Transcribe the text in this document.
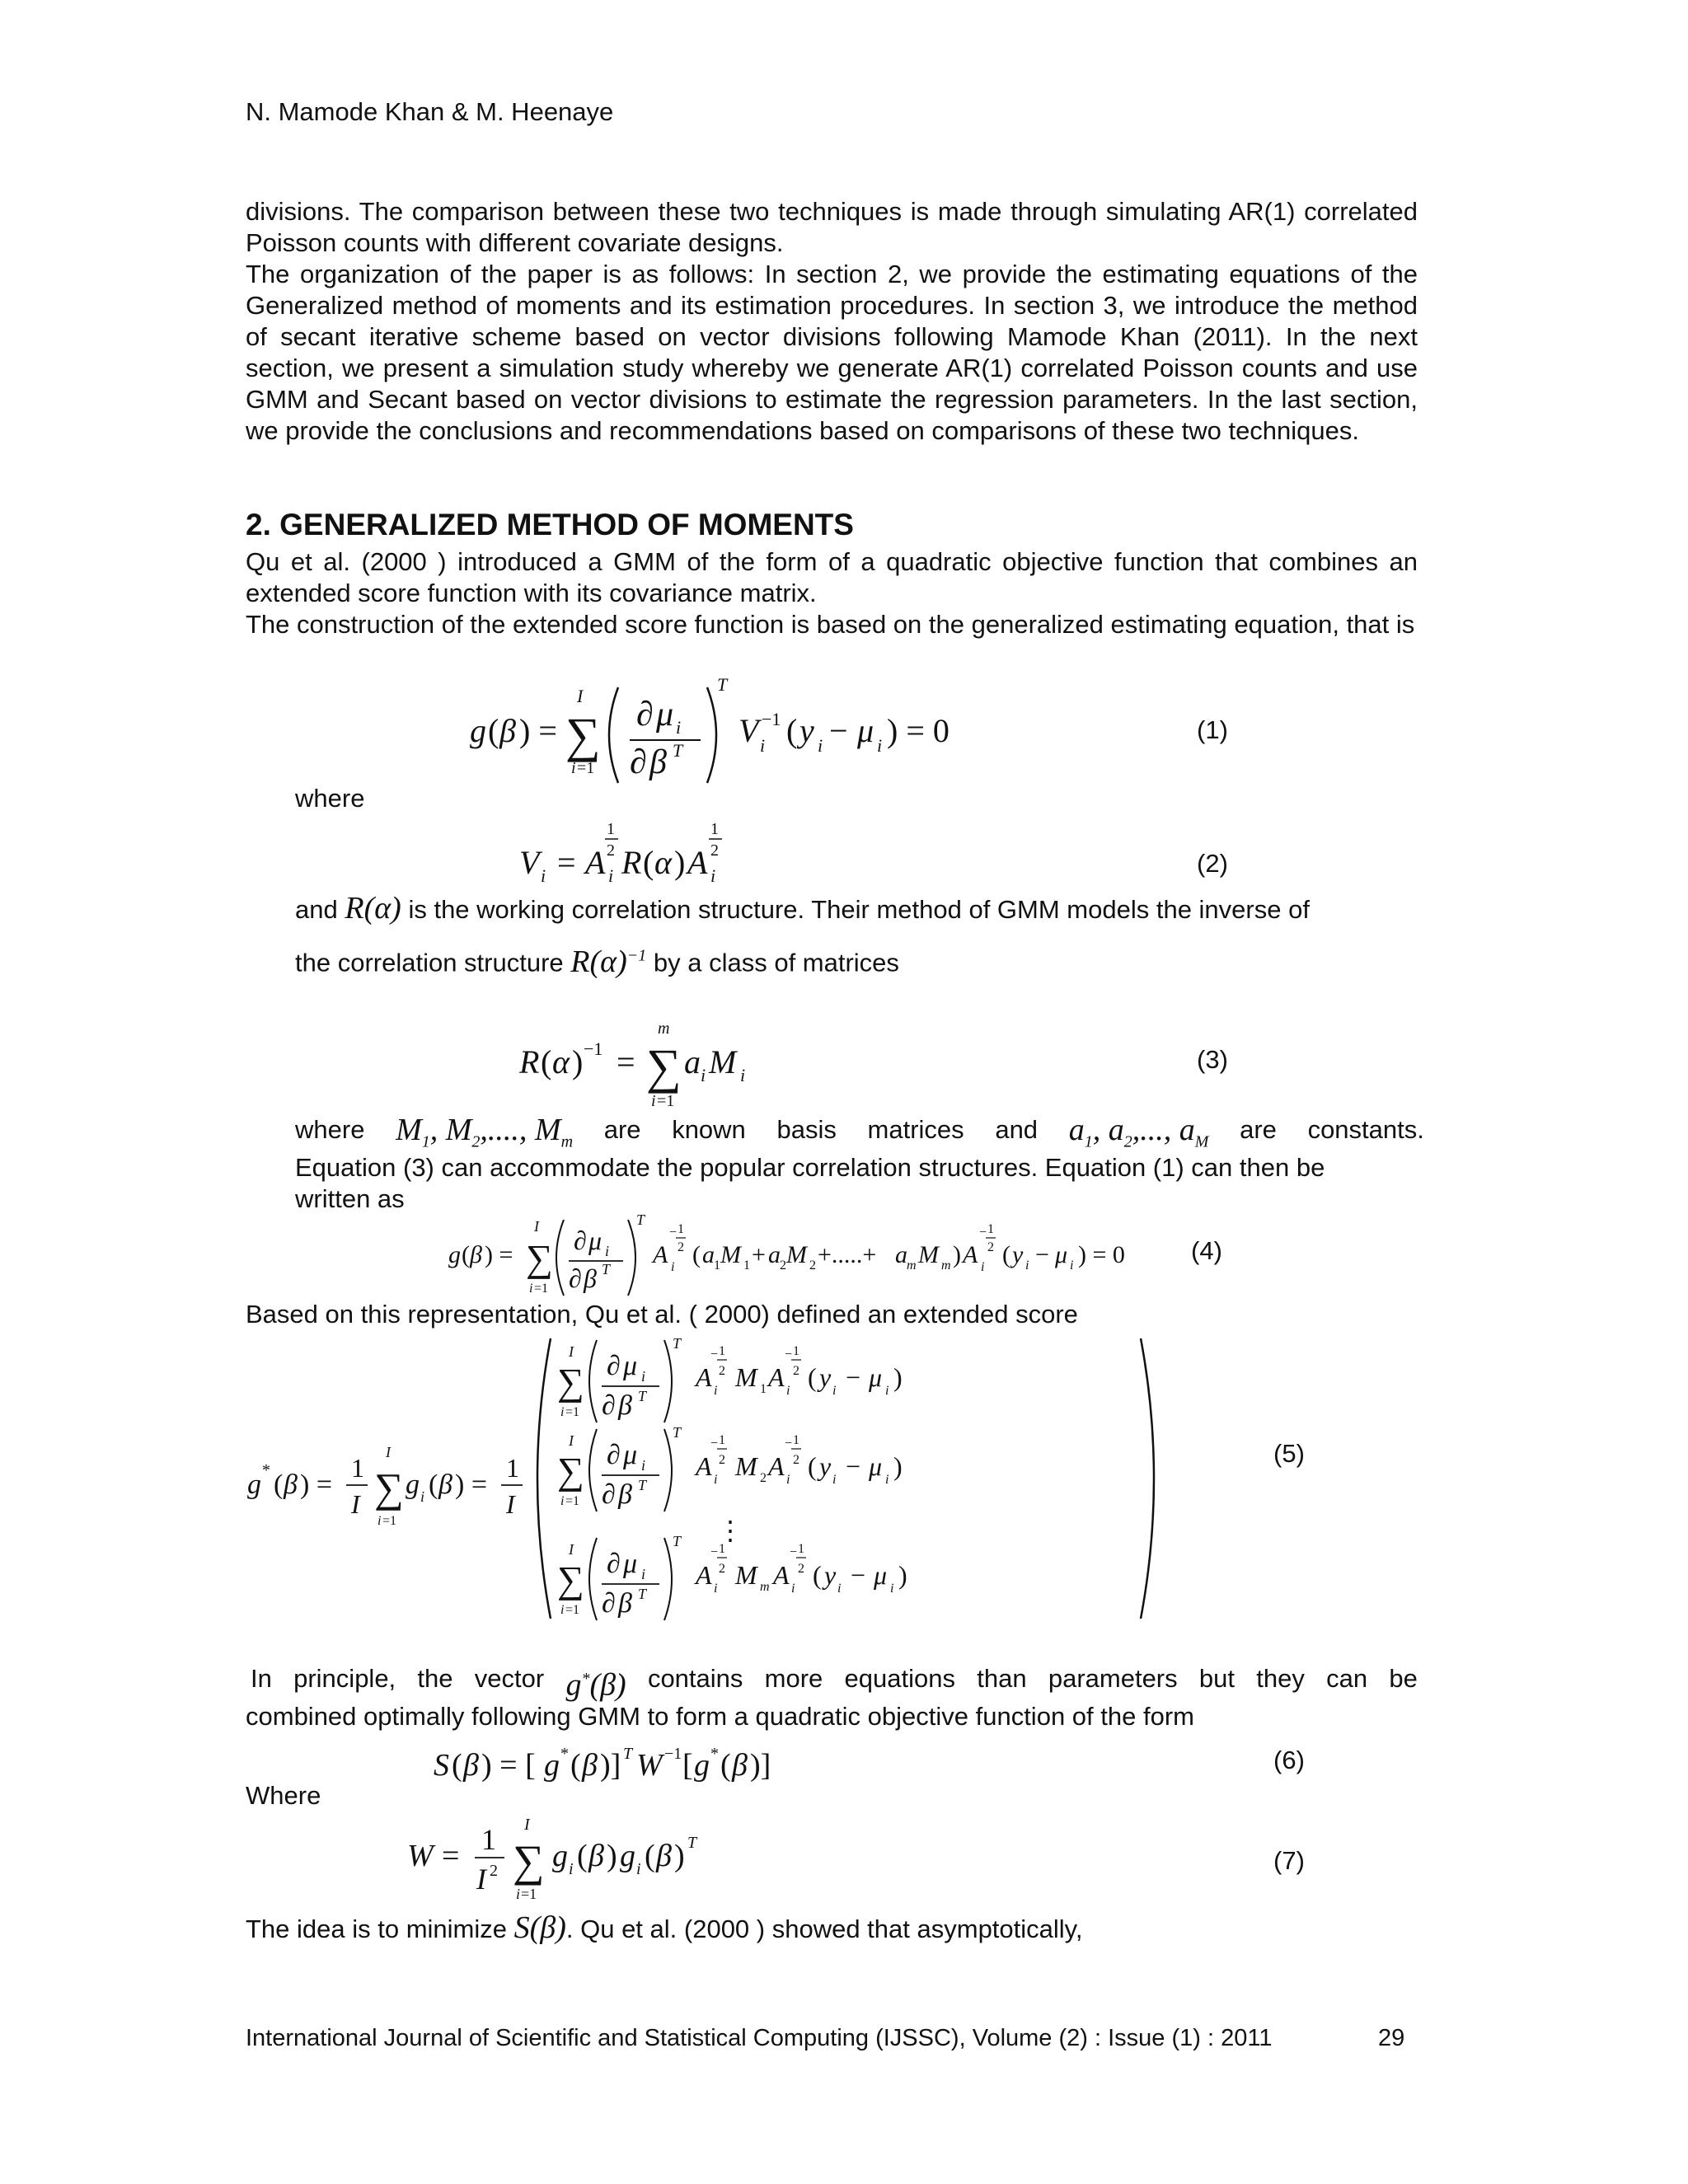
N. Mamode Khan & M. Heenaye

divisions. The comparison between these two techniques is made through simulating AR(1) correlated Poisson counts with different covariate designs.

The organization of the paper is as follows: In section 2, we provide the estimating equations of the Generalized method of moments and its estimation procedures. In section 3, we introduce the method of secant iterative scheme based on vector divisions following Mamode Khan (2011). In the next section, we present a simulation study whereby we generate AR(1) correlated Poisson counts and use GMM and Secant based on vector divisions to estimate the regression parameters. In the last section, we provide the conclusions and recommendations based on comparisons of these two techniques.

2. GENERALIZED METHOD OF MOMENTS

Qu et al. (2000 ) introduced a GMM of the form of a quadratic objective function that combines an extended score function with its covariance matrix.

The construction of the extended score function is based on the generalized estimating equation, that is

g ( β ) =
I
∑
i =1
∂ μ i
∂ β T
T
V i
−1 ( y i − μ i ) = 0	(1)
where
V i = A i
1
2 R ( α ) A i
1
2	(2)
and R(α) is the working correlation structure. Their method of GMM models the inverse of
the correlation structure $R(\alpha)^{-1}$ by a class of matrices
R ( α ) −1 =
m
∑
i =1
a i M i
(3)
where $M_1$, $M_2$,...., $M_m$ are known basis matrices and $a_1$, $a_2$,..., $a_M$ are constants.
Equation (3) can accommodate the popular correlation structures. Equation (1) can then be
written as
g ( β ) =
I
∑
i =1
∂ μ i
∂ β T
T
A i
− 1
2 ( a 1 M 1 + a 2 M 2 +.....+ a m M m ) A i
− 1
2 ( y i − μ i ) = 0	(4)
Based on this representation, Qu et al. ( 2000) defined an extended score
g * ( β ) =
1
I
I
∑
i =1
g i ( β ) =
1
I
I
∑
i =1
∂ μ i
∂ β T
T
A i
− 1
2 M 1 A i
− 1
2 ( y i − μ i )
I
∑
i =1
∂ μ i
∂ β T
T
A i
− 1
2 M 2 A i
− 1
2 ( y i − μ i )
⋮
I
∑
i =1
∂ μ i
∂ β T
T
A i
− 1
2 M m A i
− 1
2 ( y i − μ i )
(5)
In principle, the vector g*(β) contains more equations than parameters but they can be
combined optimally following GMM to form a quadratic objective function of the form
S ( β ) = [ g * ( β )] T W −1 [ g * ( β )]	(6)
Where
W = 1
I 2
I
∑
i =1
g i ( β ) g i ( β ) T
(7)
The idea is to minimize S(β). Qu et al. (2000 ) showed that asymptotically,
International Journal of Scientific and Statistical Computing (IJSSC), Volume (2) : Issue (1) : 2011	29
